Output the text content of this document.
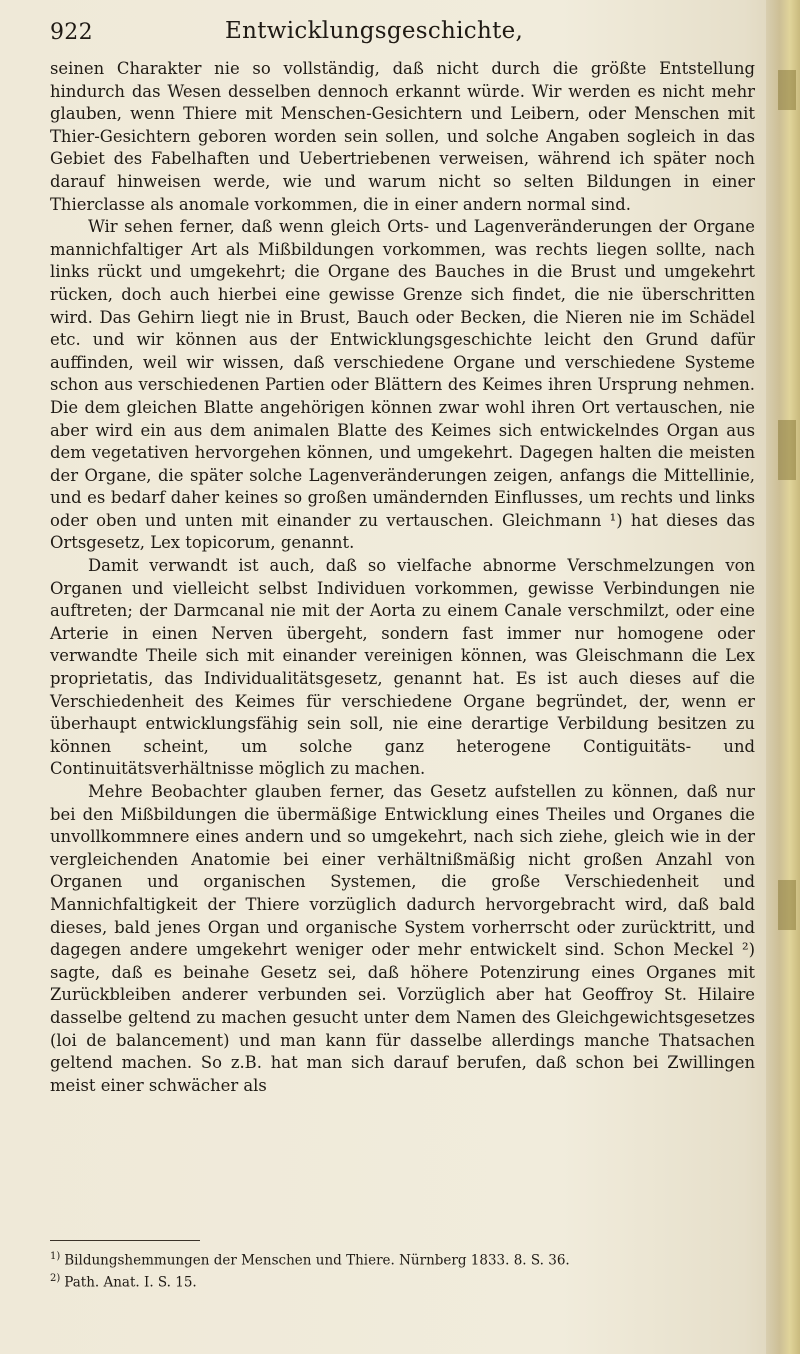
922	Entwicklungsgeschichte,

seinen Charakter nie so vollständig, daß nicht durch die größte Entstellung hindurch das Wesen desselben dennoch erkannt würde. Wir werden es nicht mehr glauben, wenn Thiere mit Menschen-Gesichtern und Leibern, oder Menschen mit Thier-Gesichtern geboren worden sein sollen, und solche Angaben sogleich in das Gebiet des Fabelhaften und Uebertriebenen verweisen, während ich später noch darauf hinweisen werde, wie und warum nicht so selten Bildungen in einer Thierclasse als anomale vorkommen, die in einer andern normal sind.

Wir sehen ferner, daß wenn gleich Orts- und Lagenveränderungen der Organe mannichfaltiger Art als Mißbildungen vorkommen, was rechts liegen sollte, nach links rückt und umgekehrt; die Organe des Bauches in die Brust und umgekehrt rücken, doch auch hierbei eine gewisse Grenze sich findet, die nie überschritten wird. Das Gehirn liegt nie in Brust, Bauch oder Becken, die Nieren nie im Schädel etc. und wir können aus der Entwicklungsgeschichte leicht den Grund dafür auffinden, weil wir wissen, daß verschiedene Organe und verschiedene Systeme schon aus verschiedenen Partien oder Blättern des Keimes ihren Ursprung nehmen. Die dem gleichen Blatte angehörigen können zwar wohl ihren Ort vertauschen, nie aber wird ein aus dem animalen Blatte des Keimes sich entwickelndes Organ aus dem vegetativen hervorgehen können, und umgekehrt. Dagegen halten die meisten der Organe, die später solche Lagenveränderungen zeigen, anfangs die Mittellinie, und es bedarf daher keines so großen umändernden Einflusses, um rechts und links oder oben und unten mit einander zu vertauschen. Gleichmann ¹) hat dieses das Ortsgesetz, Lex topicorum, genannt.

Damit verwandt ist auch, daß so vielfache abnorme Verschmelzungen von Organen und vielleicht selbst Individuen vorkommen, gewisse Verbindungen nie auftreten; der Darmcanal nie mit der Aorta zu einem Canale verschmilzt, oder eine Arterie in einen Nerven übergeht, sondern fast immer nur homogene oder verwandte Theile sich mit einander vereinigen können, was Gleischmann die Lex proprietatis, das Individualitätsgesetz, genannt hat. Es ist auch dieses auf die Verschiedenheit des Keimes für verschiedene Organe begründet, der, wenn er überhaupt entwicklungsfähig sein soll, nie eine derartige Verbildung besitzen zu können scheint, um solche ganz heterogene Contiguitäts- und Continuitätsverhältnisse möglich zu machen.

Mehre Beobachter glauben ferner, das Gesetz aufstellen zu können, daß nur bei den Mißbildungen die übermäßige Entwicklung eines Theiles und Organes die unvollkommnere eines andern und so umgekehrt, nach sich ziehe, gleich wie in der vergleichenden Anatomie bei einer verhältnißmäßig nicht großen Anzahl von Organen und organischen Systemen, die große Verschiedenheit und Mannichfaltigkeit der Thiere vorzüglich dadurch hervorgebracht wird, daß bald dieses, bald jenes Organ und organische System vorherrscht oder zurücktritt, und dagegen andere umgekehrt weniger oder mehr entwickelt sind. Schon Meckel ²) sagte, daß es beinahe Gesetz sei, daß höhere Potenzirung eines Organes mit Zurückbleiben anderer verbunden sei. Vorzüglich aber hat Geoffroy St. Hilaire dasselbe geltend zu machen gesucht unter dem Namen des Gleichgewichtsgesetzes (loi de balancement) und man kann für dasselbe allerdings manche Thatsachen geltend machen. So z.B. hat man sich darauf berufen, daß schon bei Zwillingen meist einer schwächer als

$^{1)}$ Bildungshemmungen der Menschen und Thiere. Nürnberg 1833. 8. S. 36.

$^{2)}$ Path. Anat. I. S. 15.
